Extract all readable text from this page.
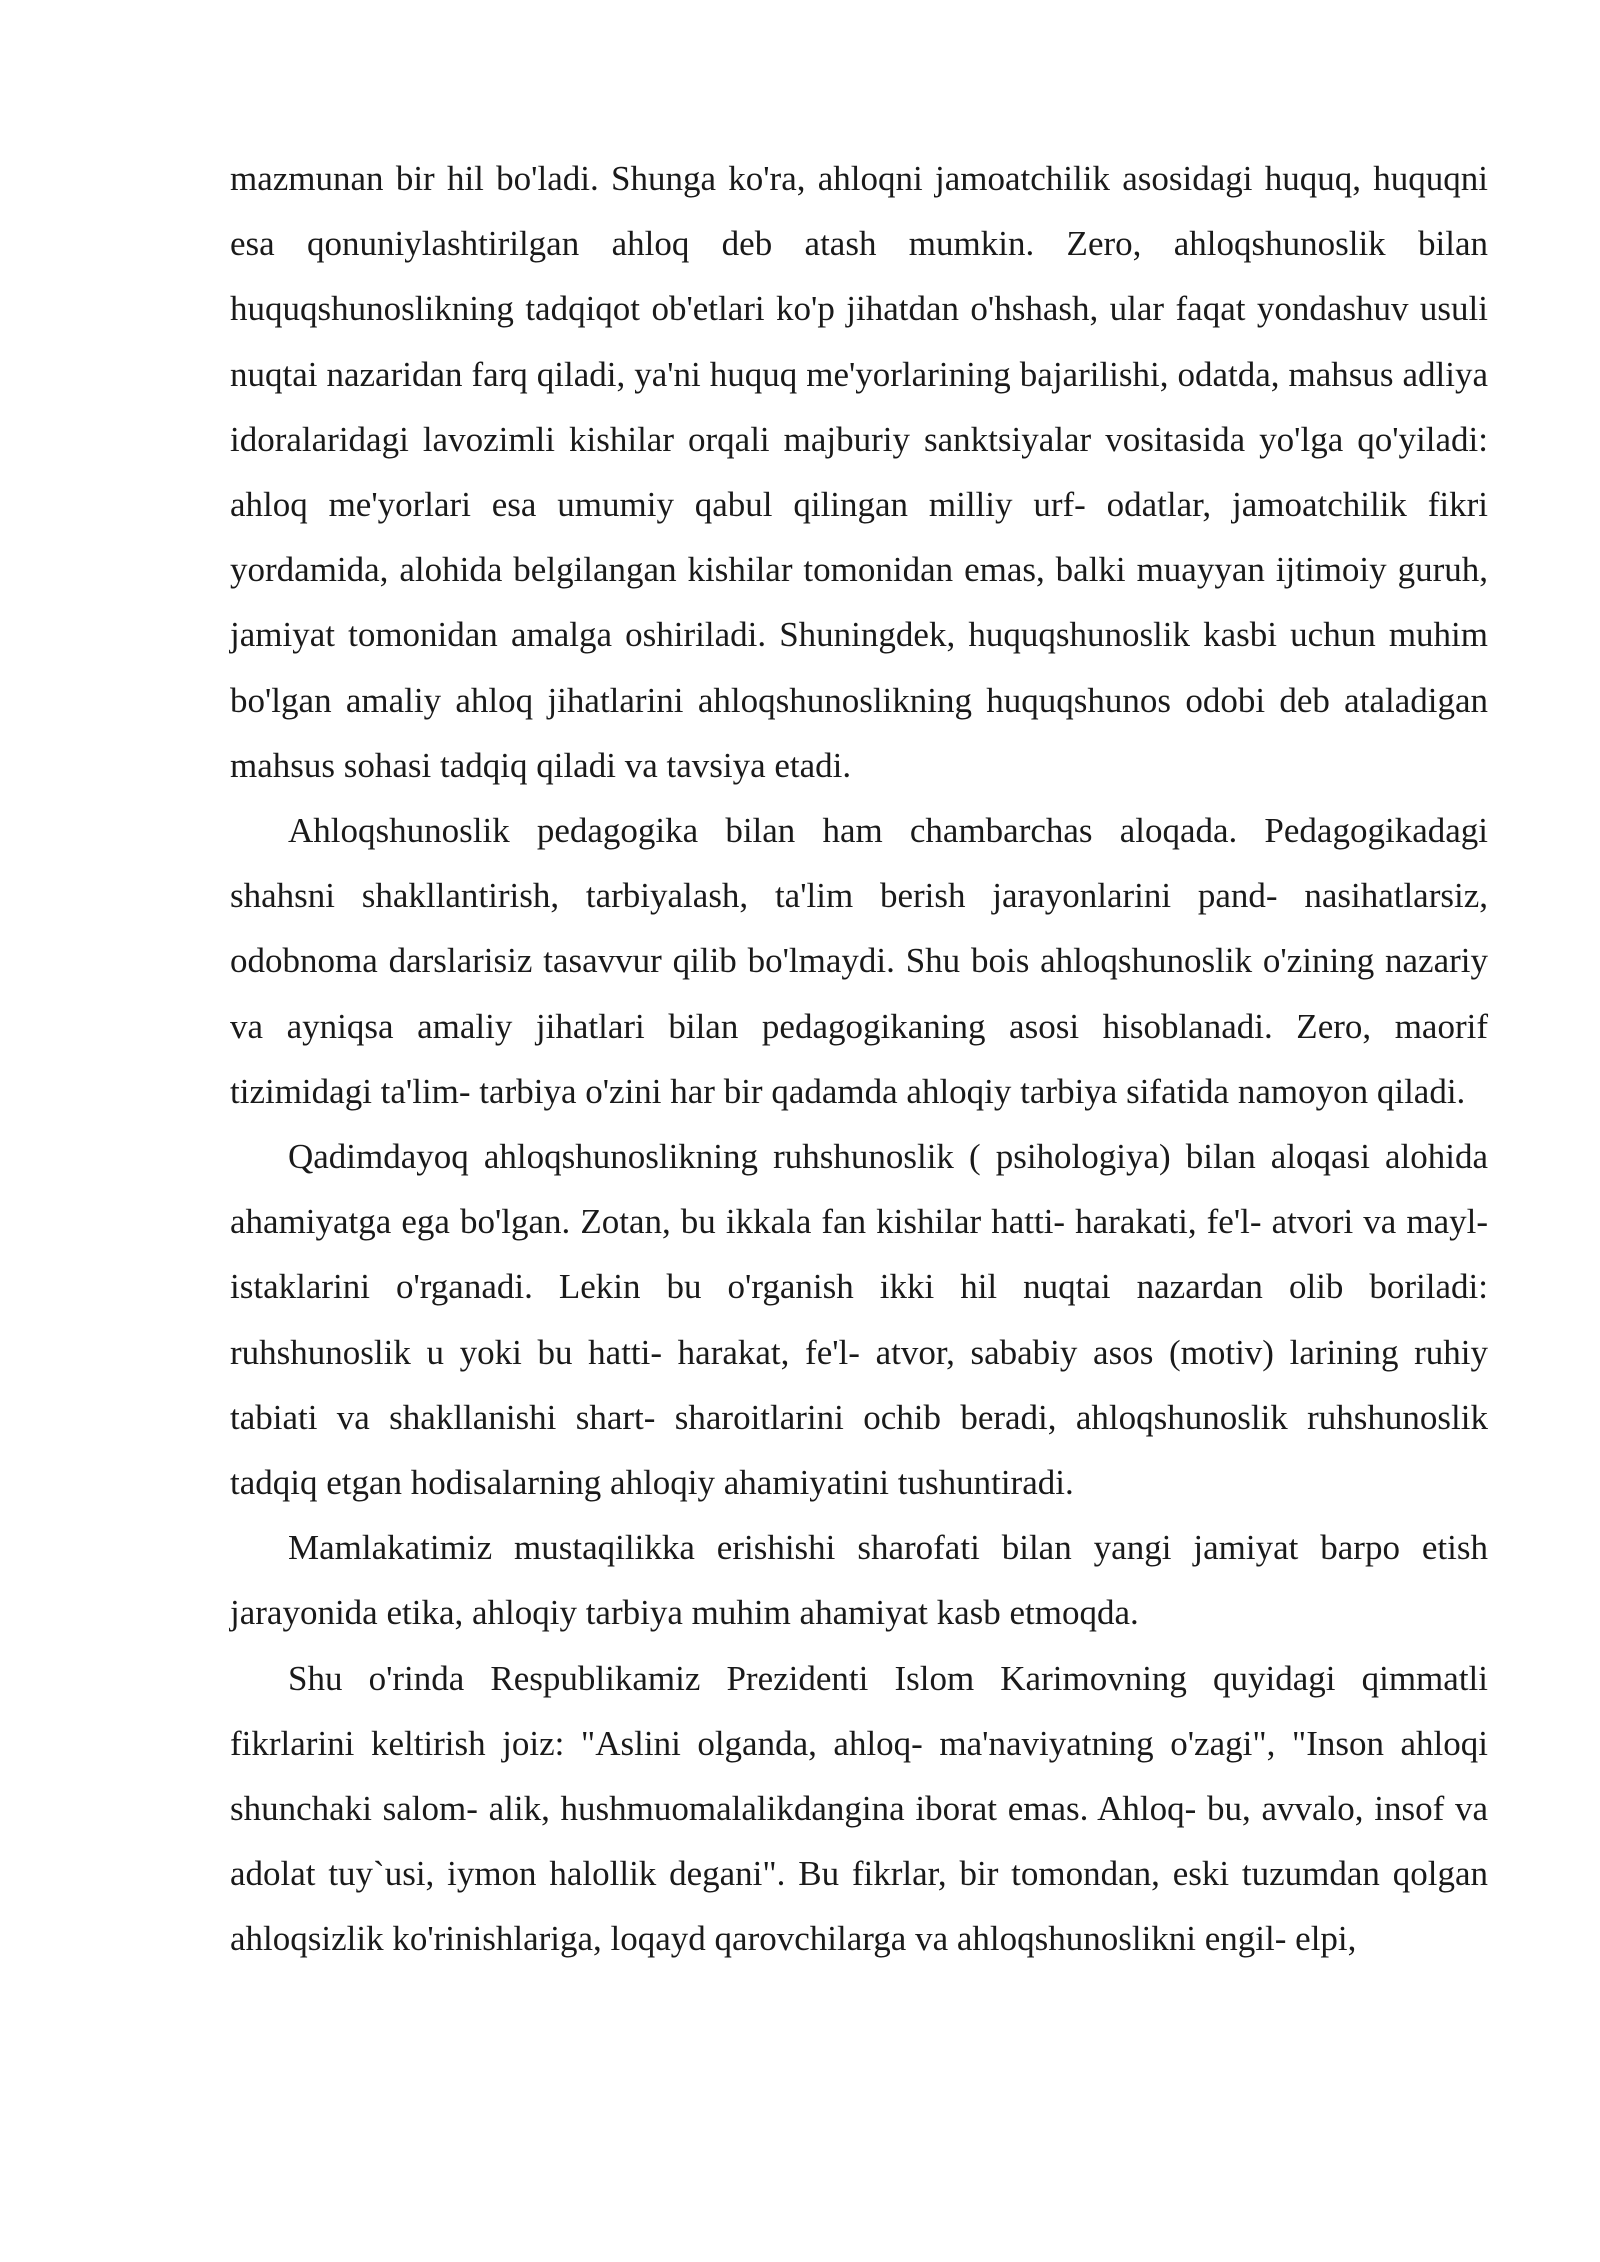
mazmunan bir hil bo'ladi. Shunga ko'ra, ahloqni jamoatchilik asosidagi huquq, huquqni esa qonuniylashtirilgan ahloq deb atash mumkin. Zero, ahloqshunoslik bilan huquqshunoslikning tadqiqot ob'etlari ko'p jihatdan o'hshash, ular faqat yondashuv usuli nuqtai nazaridan farq qiladi, ya'ni huquq me'yorlarining bajarilishi, odatda, mahsus adliya idoralaridagi lavozimli kishilar orqali majburiy sanktsiyalar vositasida yo'lga qo'yiladi: ahloq me'yorlari esa umumiy qabul qilingan milliy urf- odatlar, jamoatchilik fikri yordamida, alohida belgilangan kishilar tomonidan emas, balki muayyan ijtimoiy guruh, jamiyat tomonidan amalga oshiriladi. Shuningdek, huquqshunoslik kasbi uchun muhim bo'lgan amaliy ahloq jihatlarini ahloqshunoslikning huquqshunos odobi deb ataladigan mahsus sohasi tadqiq qiladi va tavsiya etadi.

Ahloqshunoslik pedagogika bilan ham chambarchas aloqada. Pedagogikadagi shahsni shakllantirish, tarbiyalash, ta'lim berish jarayonlarini pand- nasihatlarsiz, odobnoma darslarisiz tasavvur qilib bo'lmaydi. Shu bois ahloqshunoslik o'zining nazariy va ayniqsa amaliy jihatlari bilan pedagogikaning asosi hisoblanadi. Zero, maorif tizimidagi ta'lim- tarbiya o'zini har bir qadamda ahloqiy tarbiya sifatida namoyon qiladi.

Qadimdayoq ahloqshunoslikning ruhshunoslik ( psihologiya) bilan aloqasi alohida ahamiyatga ega bo'lgan. Zotan, bu ikkala fan kishilar hatti- harakati, fe'l- atvori va mayl- istaklarini o'rganadi. Lekin bu o'rganish ikki hil nuqtai nazardan olib boriladi: ruhshunoslik u yoki bu hatti- harakat, fe'l- atvor, sababiy asos (motiv) larining ruhiy tabiati va shakllanishi shart- sharoitlarini ochib beradi, ahloqshunoslik ruhshunoslik tadqiq etgan hodisalarning ahloqiy ahamiyatini tushuntiradi.

Mamlakatimiz mustaqilikka erishishi sharofati bilan yangi jamiyat barpo etish jarayonida etika, ahloqiy tarbiya muhim ahamiyat kasb etmoqda.

Shu o'rinda Respublikamiz Prezidenti Islom Karimovning quyidagi qimmatli fikrlarini keltirish joiz: "Aslini olganda, ahloq- ma'naviyatning o'zagi", "Inson ahloqi shunchaki salom- alik, hushmuomalalikdangina iborat emas. Ahloq- bu, avvalo, insof va adolat tuy`usi, iymon halollik degani". Bu fikrlar, bir tomondan, eski tuzumdan qolgan ahloqsizlik ko'rinishlariga, loqayd qarovchilarga va ahloqshunoslikni engil- elpi,
